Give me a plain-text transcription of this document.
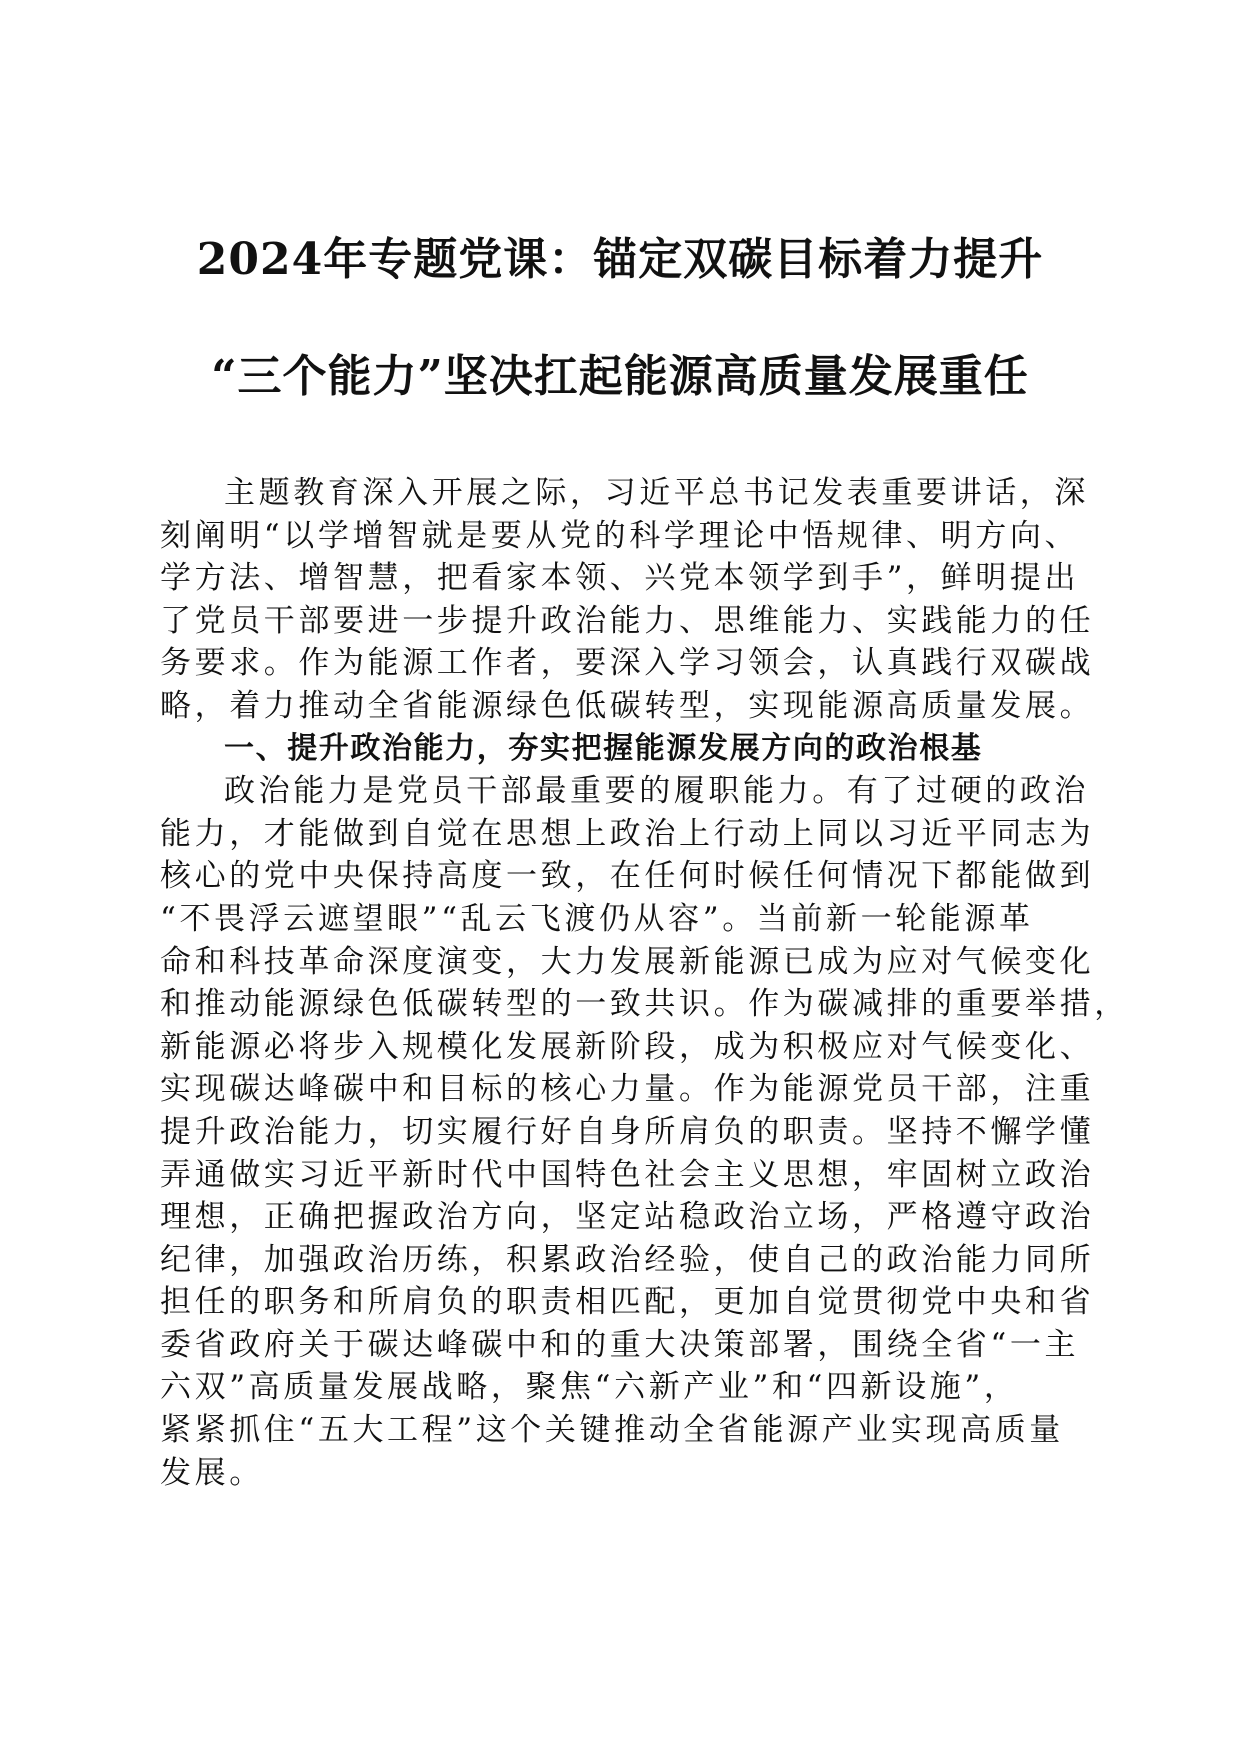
2024年专题党课：锚定双碳目标着力提升
“三个能力”坚决扛起能源高质量发展重任
主题教育深入开展之际，习近平总书记发表重要讲话，深
刻阐明“以学增智就是要从党的科学理论中悟规律、明方向、
学方法、增智慧，把看家本领、兴党本领学到手”，鲜明提出
了党员干部要进一步提升政治能力、思维能力、实践能力的任
务要求。作为能源工作者，要深入学习领会，认真践行双碳战
略，着力推动全省能源绿色低碳转型，实现能源高质量发展。
一、提升政治能力，夯实把握能源发展方向的政治根基
政治能力是党员干部最重要的履职能力。有了过硬的政治
能力，才能做到自觉在思想上政治上行动上同以习近平同志为
核心的党中央保持高度一致，在任何时候任何情况下都能做到
“不畏浮云遮望眼”“乱云飞渡仍从容”。当前新一轮能源革
命和科技革命深度演变，大力发展新能源已成为应对气候变化
和推动能源绿色低碳转型的一致共识。作为碳减排的重要举措，
新能源必将步入规模化发展新阶段，成为积极应对气候变化、
实现碳达峰碳中和目标的核心力量。作为能源党员干部，注重
提升政治能力，切实履行好自身所肩负的职责。坚持不懈学懂
弄通做实习近平新时代中国特色社会主义思想，牢固树立政治
理想，正确把握政治方向，坚定站稳政治立场，严格遵守政治
纪律，加强政治历练，积累政治经验，使自己的政治能力同所
担任的职务和所肩负的职责相匹配，更加自觉贯彻党中央和省
委省政府关于碳达峰碳中和的重大决策部署，围绕全省“一主
六双”高质量发展战略，聚焦“六新产业”和“四新设施”，
紧紧抓住“五大工程”这个关键推动全省能源产业实现高质量
发展。
